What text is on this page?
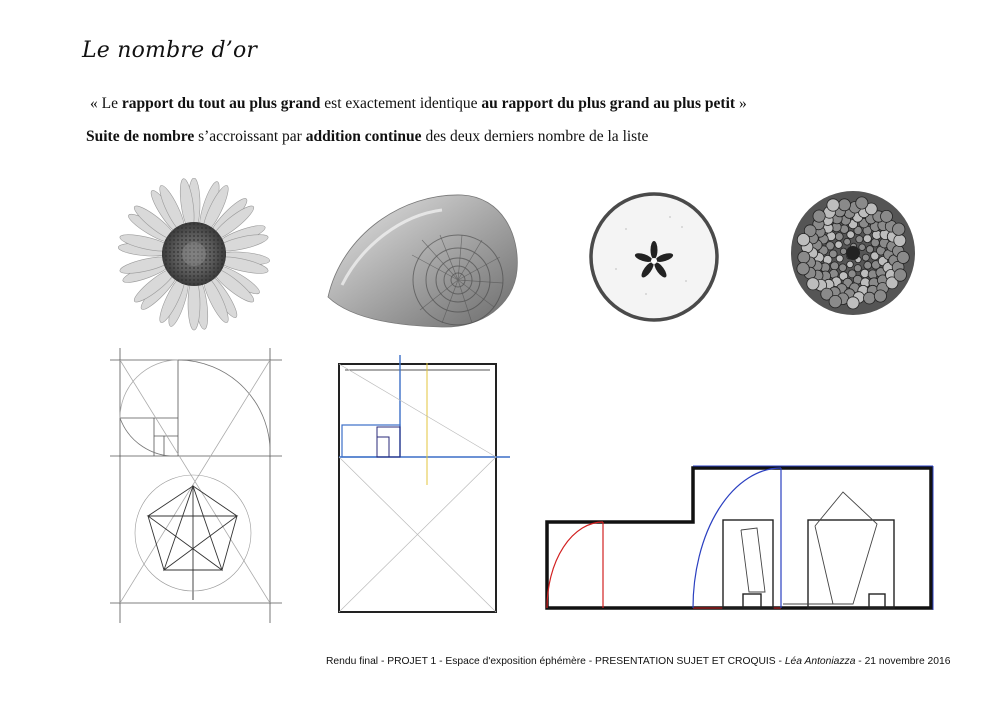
Le nombre d’or
« Le rapport du tout au plus grand est exactement identique au rapport du plus grand au plus petit »
Suite de nombre s’accroissant par addition continue des deux derniers nombre de la liste
Rendu final - PROJET 1 - Espace d'exposition éphémère - PRESENTATION SUJET ET CROQUIS - Léa Antoniazza - 21 novembre 2016
